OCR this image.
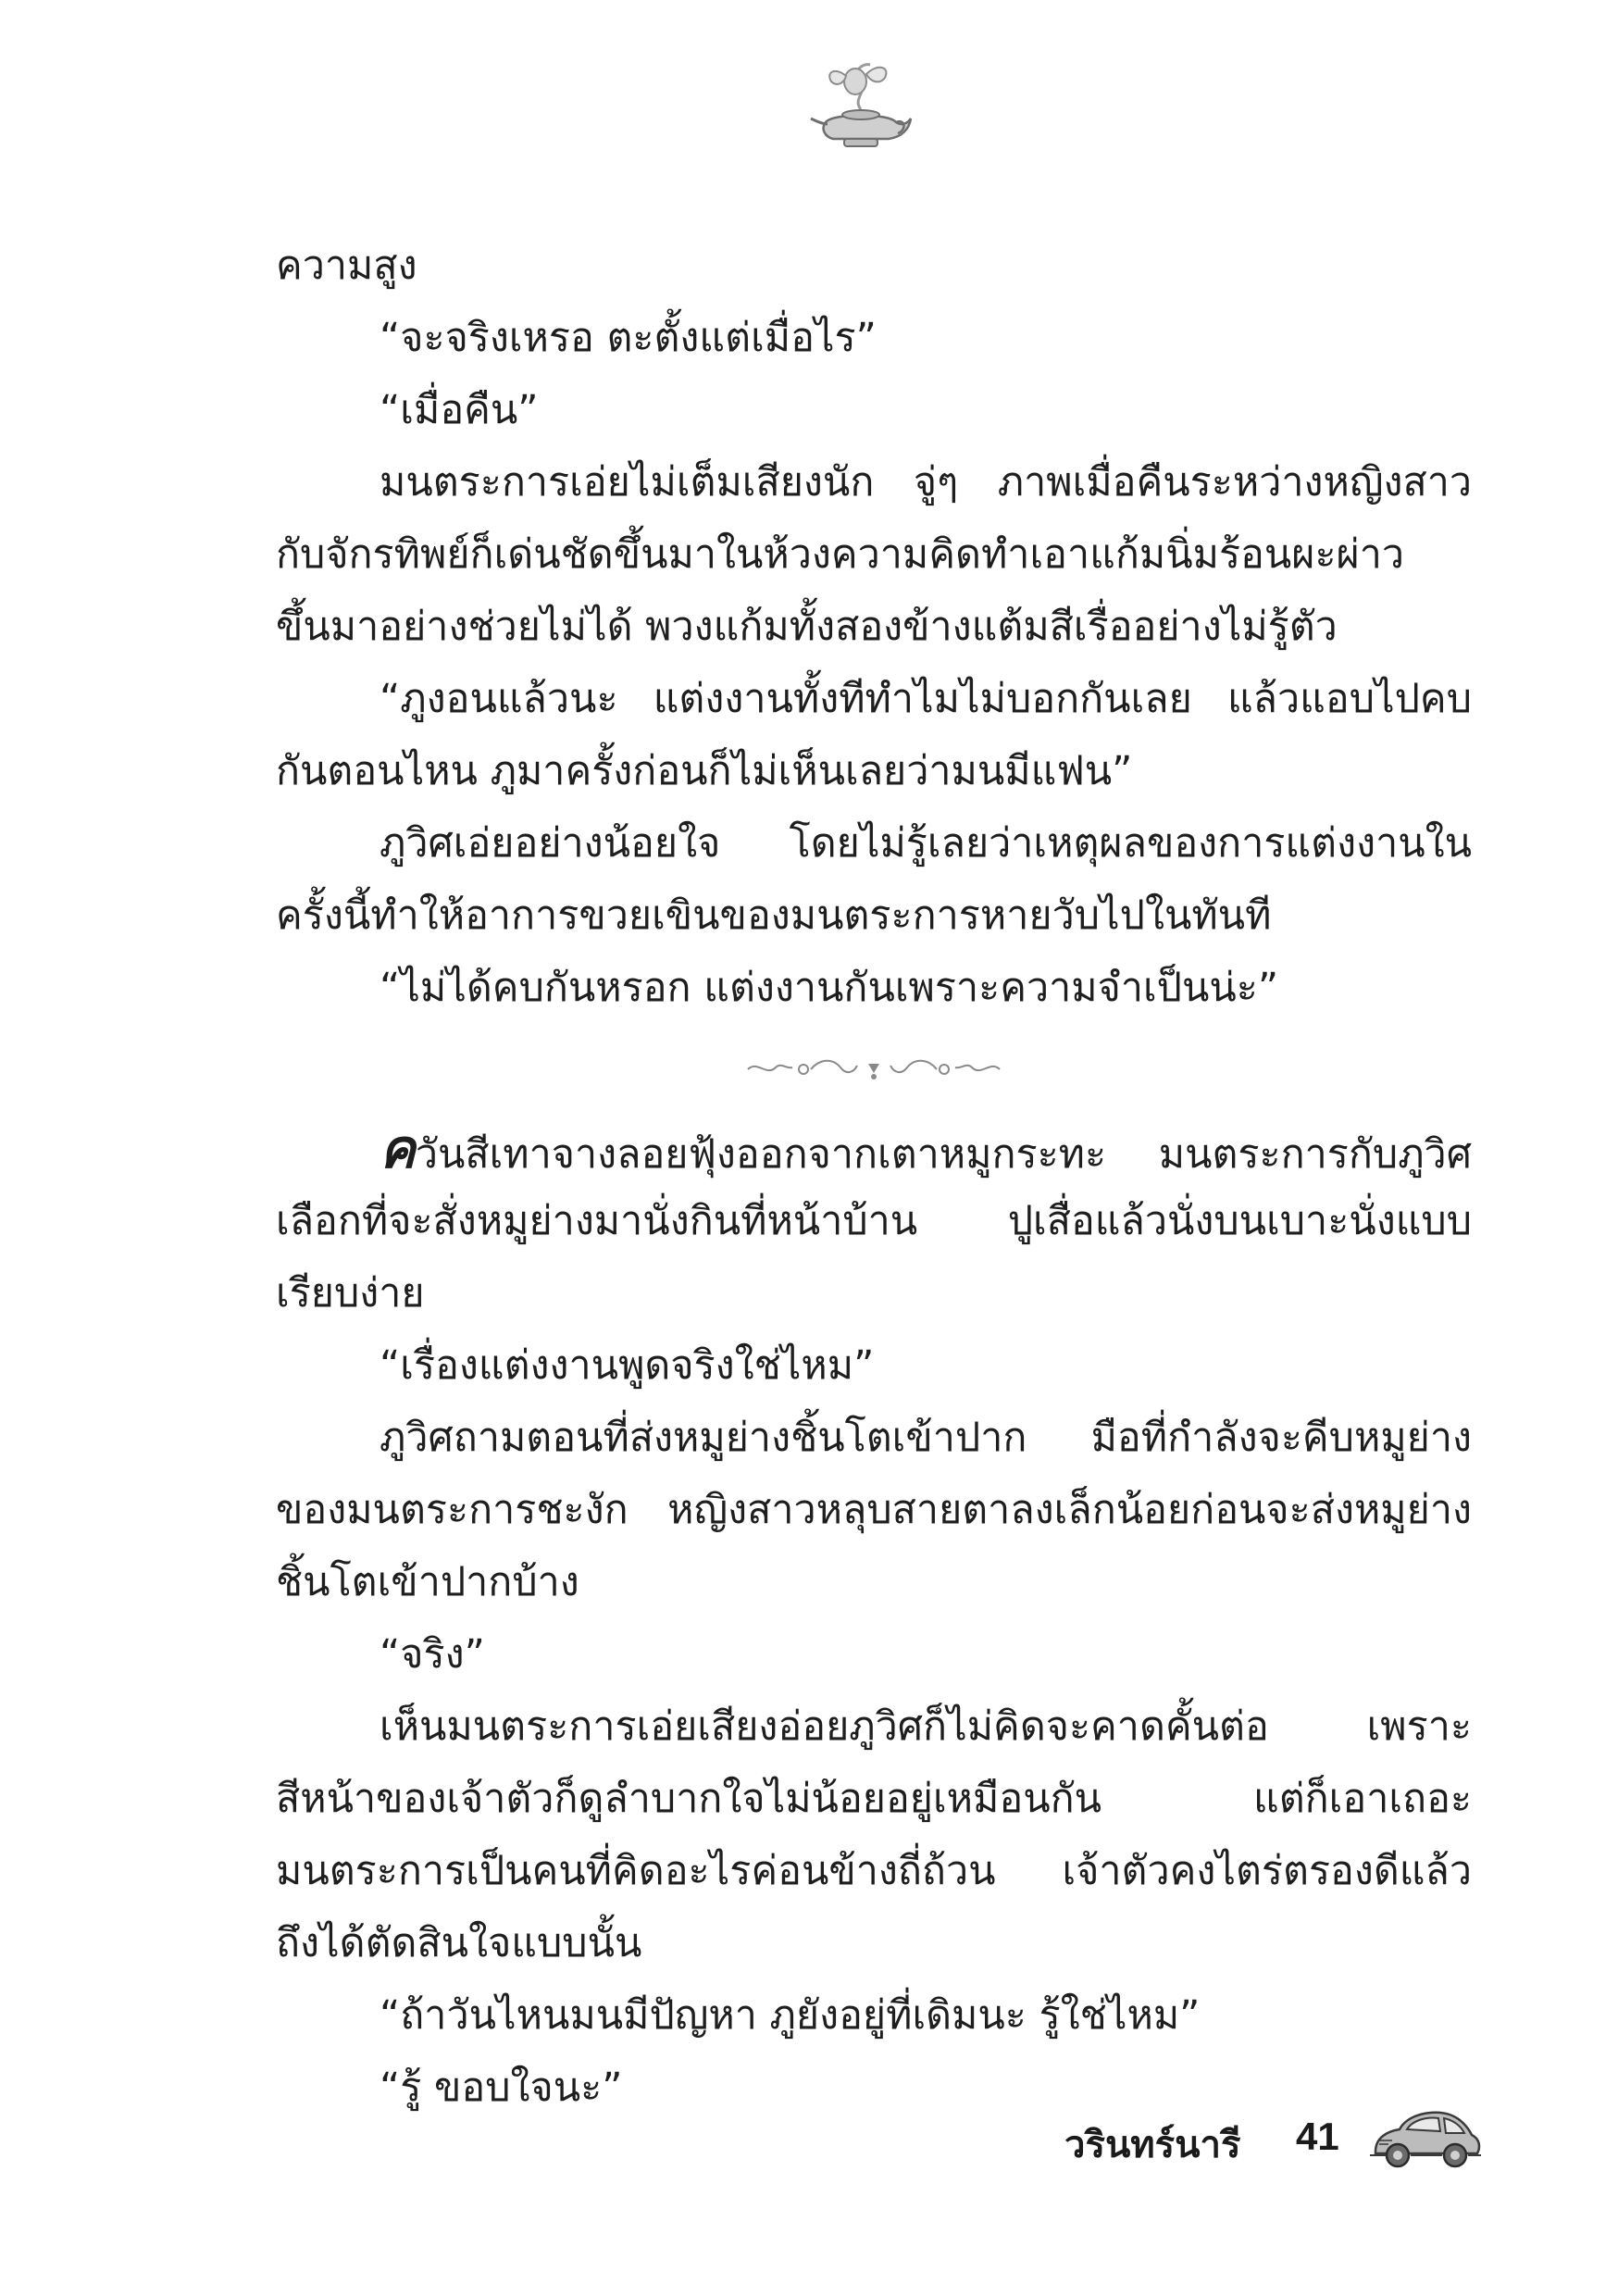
ความสูง
“จะจริงเหรอ ตะตั้งแต่เมื่อไร”
“เมื่อคืน”
มนตระการเอ่ยไม่เต็มเสียงนัก จู่ๆ ภาพเมื่อคืนระหว่างหญิงสาว
กับจักรทิพย์ก็เด่นชัดขึ้นมาในห้วงความคิดทำเอาแก้มนิ่มร้อนผะผ่าว
ขึ้นมาอย่างช่วยไม่ได้ พวงแก้มทั้งสองข้างแต้มสีเรื่ออย่างไม่รู้ตัว
“ภูงอนแล้วนะ แต่งงานทั้งทีทำไมไม่บอกกันเลย แล้วแอบไปคบ
กันตอนไหน ภูมาครั้งก่อนก็ไม่เห็นเลยว่ามนมีแฟน”
ภูวิศเอ่ยอย่างน้อยใจ โดยไม่รู้เลยว่าเหตุผลของการแต่งงานใน
ครั้งนี้ทำให้อาการขวยเขินของมนตระการหายวับไปในทันที
“ไม่ได้คบกันหรอก แต่งงานกันเพราะความจำเป็นน่ะ”
ควันสีเทาจางลอยฟุ้งออกจากเตาหมูกระทะ มนตระการกับภูวิศ
เลือกที่จะสั่งหมูย่างมานั่งกินที่หน้าบ้าน ปูเสื่อแล้วนั่งบนเบาะนั่งแบบ
เรียบง่าย
“เรื่องแต่งงานพูดจริงใช่ไหม”
ภูวิศถามตอนที่ส่งหมูย่างชิ้นโตเข้าปาก มือที่กำลังจะคีบหมูย่าง
ของมนตระการชะงัก หญิงสาวหลุบสายตาลงเล็กน้อยก่อนจะส่งหมูย่าง
ชิ้นโตเข้าปากบ้าง
“จริง”
เห็นมนตระการเอ่ยเสียงอ่อยภูวิศก็ไม่คิดจะคาดคั้นต่อ เพราะ
สีหน้าของเจ้าตัวก็ดูลำบากใจไม่น้อยอยู่เหมือนกัน แต่ก็เอาเถอะ
มนตระการเป็นคนที่คิดอะไรค่อนข้างถี่ถ้วน เจ้าตัวคงไตร่ตรองดีแล้ว
ถึงได้ตัดสินใจแบบนั้น
“ถ้าวันไหนมนมีปัญหา ภูยังอยู่ที่เดิมนะ รู้ใช่ไหม”
“รู้ ขอบใจนะ”
วรินทร์นารี 41
